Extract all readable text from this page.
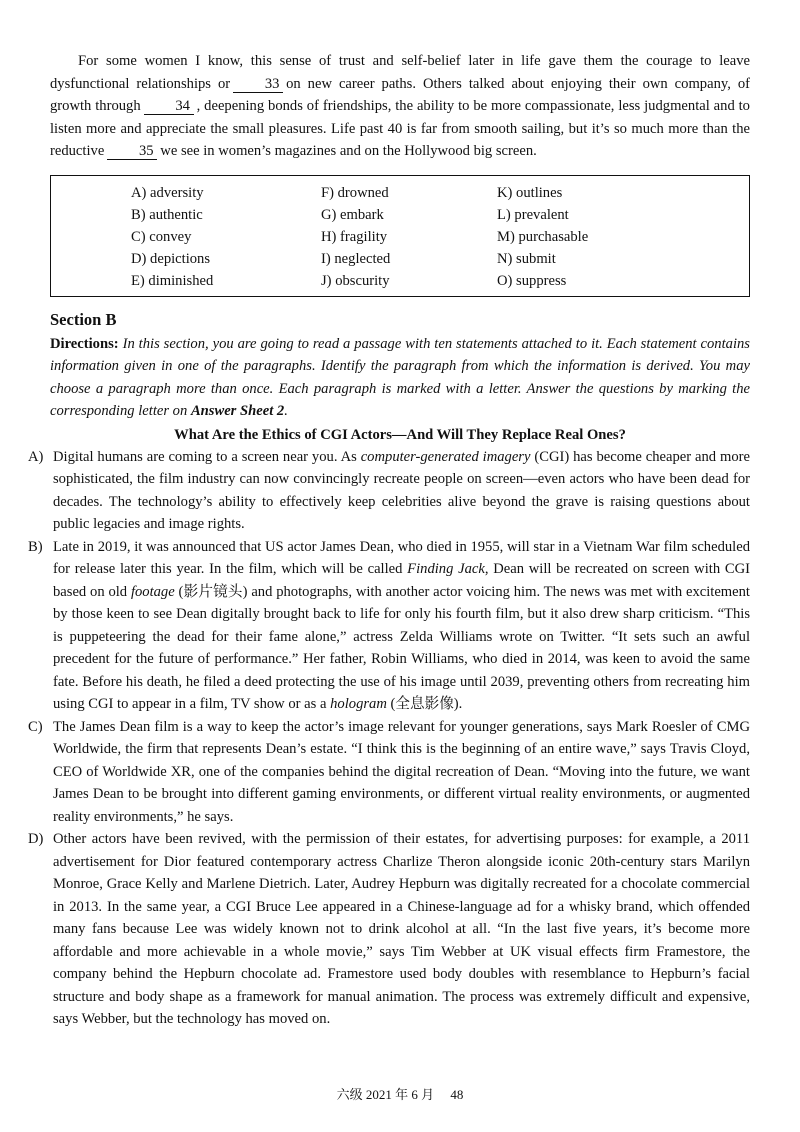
For some women I know, this sense of trust and self-belief later in life gave them the courage to leave dysfunctional relationships or 33 on new career paths. Others talked about enjoying their own company, of growth through 34 , deepening bonds of friendships, the ability to be more compassionate, less judgmental and to listen more and appreciate the small pleasures. Life past 40 is far from smooth sailing, but it’s so much more than the reductive 35 we see in women’s magazines and on the Hollywood big screen.

A) adversity
B) authentic
C) convey
D) depictions
E) diminished
F) drowned
G) embark
H) fragility
I) neglected
J) obscurity
K) outlines
L) prevalent
M) purchasable
N) submit
O) suppress
Section B
Directions: In this section, you are going to read a passage with ten statements attached to it. Each statement contains information given in one of the paragraphs. Identify the paragraph from which the information is derived. You may choose a paragraph more than once. Each paragraph is marked with a letter. Answer the questions by marking the corresponding letter on Answer Sheet 2.
What Are the Ethics of CGI Actors—And Will They Replace Real Ones?
A) Digital humans are coming to a screen near you. As computer-generated imagery (CGI) has become cheaper and more sophisticated, the film industry can now convincingly recreate people on screen—even actors who have been dead for decades. The technology’s ability to effectively keep celebrities alive beyond the grave is raising questions about public legacies and image rights.
B) Late in 2019, it was announced that US actor James Dean, who died in 1955, will star in a Vietnam War film scheduled for release later this year. In the film, which will be called Finding Jack, Dean will be recreated on screen with CGI based on old footage (影片镜头) and photographs, with another actor voicing him. The news was met with excitement by those keen to see Dean digitally brought back to life for only his fourth film, but it also drew sharp criticism. “This is puppeteering the dead for their fame alone,” actress Zelda Williams wrote on Twitter. “It sets such an awful precedent for the future of performance.” Her father, Robin Williams, who died in 2014, was keen to avoid the same fate. Before his death, he filed a deed protecting the use of his image until 2039, preventing others from recreating him using CGI to appear in a film, TV show or as a hologram (全息影像).
C) The James Dean film is a way to keep the actor’s image relevant for younger generations, says Mark Roesler of CMG Worldwide, the firm that represents Dean’s estate. “I think this is the beginning of an entire wave,” says Travis Cloyd, CEO of Worldwide XR, one of the companies behind the digital recreation of Dean. “Moving into the future, we want James Dean to be brought into different gaming environments, or different virtual reality environments, or augmented reality environments,” he says.
D) Other actors have been revived, with the permission of their estates, for advertising purposes: for example, a 2011 advertisement for Dior featured contemporary actress Charlize Theron alongside iconic 20th-century stars Marilyn Monroe, Grace Kelly and Marlene Dietrich. Later, Audrey Hepburn was digitally recreated for a chocolate commercial in 2013. In the same year, a CGI Bruce Lee appeared in a Chinese-language ad for a whisky brand, which offended many fans because Lee was widely known not to drink alcohol at all. “In the last five years, it’s become more affordable and more achievable in a whole movie,” says Tim Webber at UK visual effects firm Framestore, the company behind the Hepburn chocolate ad. Framestore used body doubles with resemblance to Hepburn’s facial structure and body shape as a framework for manual animation. The process was extremely difficult and expensive, says Webber, but the technology has moved on.
六级 2021 年 6 月　 48
